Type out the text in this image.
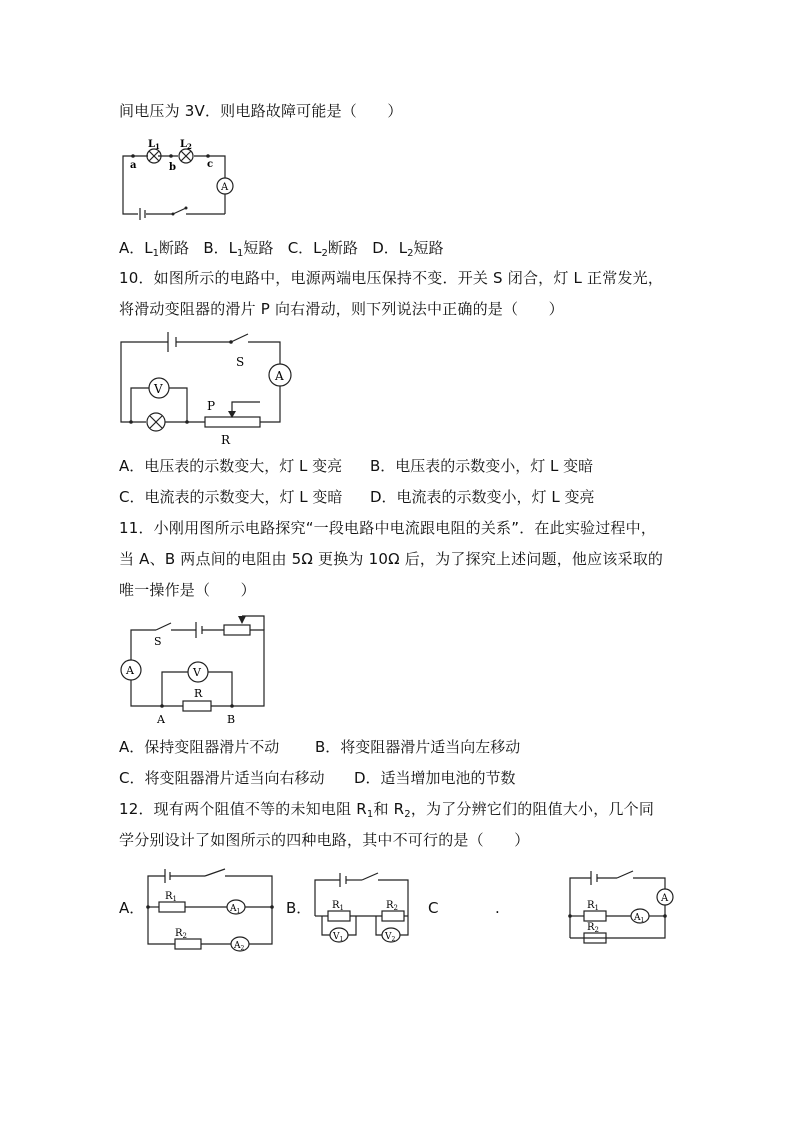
间电压为 3V．则电路故障可能是（　　）
$L_1$ $L_2$
a	b	c
A
A．$L_1$断路 B．$L_1$短路 C．$L_2$断路 D．$L_2$短路
10．如图所示的电路中，电源两端电压保持不变．开关 S 闭合，灯 L 正常发光，
将滑动变阻器的滑片 P 向右滑动，则下列说法中正确的是（　　）
S
A
V
P
R
A．电压表的示数变大，灯 L 变亮 B．电压表的示数变小，灯 L 变暗
C．电流表的示数变大，灯 L 变暗 D．电流表的示数变小，灯 L 变亮
11．小刚用图所示电路探究“一段电路中电流跟电阻的关系”．在此实验过程中，
当 A、B 两点间的电阻由 5Ω 更换为 10Ω 后，为了探究上述问题，他应该采取的
唯一操作是（　　）
S
A	V
R
A	B
A．保持变阻器滑片不动 B．将变阻器滑片适当向左移动
C．将变阻器滑片适当向右移动 D．适当增加电池的节数
12．现有两个阻值不等的未知电阻 $R_1$和 $R_2$，为了分辨它们的阻值大小，几个同
学分别设计了如图所示的四种电路，其中不可行的是（　　）
A．
$R_1$
$A_1$
$R_2$
$A_2$
B． $R_1$	$R_2$
$V_1$	$V_2$
C	.
A
$R_1$
$A_1$
$R_2$
